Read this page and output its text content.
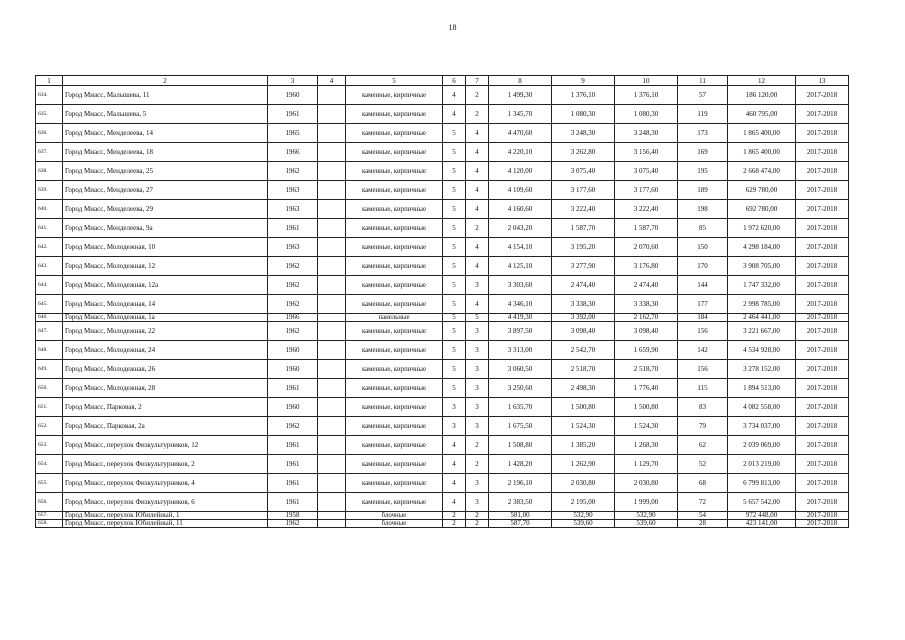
18
1	2	3	4	5	6	7	8	9	10	11	12	13
634.	Город Миасс, Малышева, 11	1960		каменные, кирпичные	4	2	1 499,30	1 376,10	1 376,10	57	186 120,00	2017-2018
635.	Город Миасс, Малышева, 5	1961		каменные, кирпичные	4	2	1 345,70	1 080,30	1 080,30	119	460 795,00	2017-2018
636.	Город Миасс, Менделеева, 14	1965		каменные, кирпичные	5	4	4 470,60	3 248,30	3 248,30	173	1 865 400,00	2017-2018
637.	Город Миасс, Менделеева, 18	1966		каменные, кирпичные	5	4	4 220,10	3 262,80	3 156,40	169	1 865 400,00	2017-2018
638.	Город Миасс, Менделеева, 25	1962		каменные, кирпичные	5	4	4 120,00	3 075,40	3 075,40	195	2 668 474,00	2017-2018
639.	Город Миасс, Менделеева, 27	1963		каменные, кирпичные	5	4	4 109,60	3 177,60	3 177,60	189	629 780,00	2017-2018
640.	Город Миасс, Менделеева, 29	1963		каменные, кирпичные	5	4	4 160,60	3 222,40	3 222,40	198	692 780,00	2017-2018
641.	Город Миасс, Менделеева, 9а	1961		каменные, кирпичные	5	2	2 043,20	1 587,70	1 587,70	85	1 972 620,00	2017-2018
642.	Город Миасс, Молодежная, 10	1963		каменные, кирпичные	5	4	4 154,10	3 195,20	2 070,60	150	4 298 184,00	2017-2018
643.	Город Миасс, Молодежная, 12	1962		каменные, кирпичные	5	4	4 125,10	3 277,90	3 176,80	170	3 908 705,00	2017-2018
644.	Город Миасс, Молодежная, 12а	1962		каменные, кирпичные	5	3	3 303,60	2 474,40	2 474,40	144	1 747 332,00	2017-2018
645.	Город Миасс, Молодежная, 14	1962		каменные, кирпичные	5	4	4 346,10	3 338,30	3 338,30	177	2 998 785,00	2017-2018
646.	Город Миасс, Молодежная, 1а	1966		панельные	5	5	4 419,30	3 392,00	2 162,70	184	2 464 441,00	2017-2018
647.	Город Миасс, Молодежная, 22	1962		каменные, кирпичные	5	3	3 897,50	3 098,40	3 098,40	156	3 221 667,00	2017-2018
648.	Город Миасс, Молодежная, 24	1960		каменные, кирпичные	5	3	3 313,00	2 542,70	1 659,90	142	4 534 928,00	2017-2018
649.	Город Миасс, Молодежная, 26	1960		каменные, кирпичные	5	3	3 060,50	2 518,70	2 518,70	156	3 278 152,00	2017-2018
650.	Город Миасс, Молодежная, 28	1961		каменные, кирпичные	5	3	3 250,60	2 498,30	1 776,40	115	1 894 513,00	2017-2018
651.	Город Миасс, Парковая, 2	1960		каменные, кирпичные	3	3	1 635,70	1 500,80	1 500,80	83	4 082 558,00	2017-2018
652.	Город Миасс, Парковая, 2а	1962		каменные, кирпичные	3	3	1 675,50	1 524,30	1 524,30	79	3 734 037,00	2017-2018
653.	Город Миасс, переулок Физкультурников, 12	1961		каменные, кирпичные	4	2	1 508,80	1 385,20	1 268,30	62	2 039 069,00	2017-2018
654.	Город Миасс, переулок Физкультурников, 2	1961		каменные, кирпичные	4	2	1 428,20	1 262,90	1 129,70	52	2 013 219,00	2017-2018
655.	Город Миасс, переулок Физкультурников, 4	1961		каменные, кирпичные	4	3	2 196,10	2 030,80	2 030,80	68	6 799 813,00	2017-2018
656.	Город Миасс, переулок Физкультурников, 6	1961		каменные, кирпичные	4	3	2 383,50	2 195,00	1 999,00	72	5 657 542,00	2017-2018
657.	Город Миасс, переулок Юбилейный, 1	1958		блочные	2	2	581,00	532,90	532,90	54	972 448,00	2017-2018
658.	Город Миасс, переулок Юбилейный, 11	1962		блочные	2	2	587,70	539,60	539,60	28	423 141,00	2017-2018
